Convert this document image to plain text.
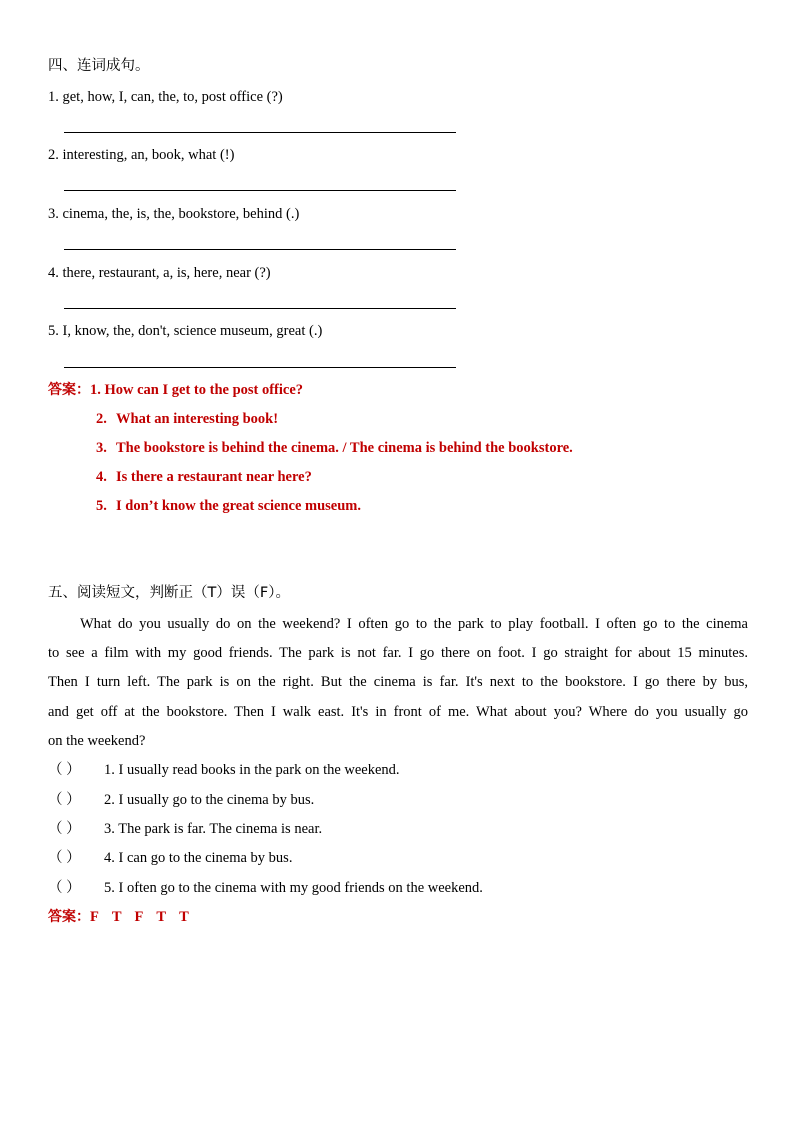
四、连词成句。
1. get, how, I, can, the, to, post office (?)
2. interesting, an, book, what (!)
3. cinema, the, is, the, bookstore, behind (.)
4. there, restaurant, a, is, here, near (?)
5. I, know, the, don't, science museum, great (.)
答案：1. How can I get to the post office?
2. What an interesting book!
3. The bookstore is behind the cinema. / The cinema is behind the bookstore.
4. Is there a restaurant near here?
5. I don’t know the great science museum.
五、阅读短文，判断正（T）误（F）。
What do you usually do on the weekend? I often go to the park to play football. I often go to the cinema
to see a film with my good friends. The park is not far. I go there on foot. I go straight for about 15 minutes.
Then I turn left. The park is on the right. But the cinema is far. It's next to the bookstore. I go there by bus,
and get off at the bookstore. Then I walk east. It's in front of me. What about you? Where do you usually go
on the weekend?
（ ） 1. I usually read books in the park on the weekend.
（ ） 2. I usually go to the cinema by bus.
（ ） 3. The park is far. The cinema is near.
（ ） 4. I can go to the cinema by bus.
（ ） 5. I often go to the cinema with my good friends on the weekend.
答案：F T F T T
